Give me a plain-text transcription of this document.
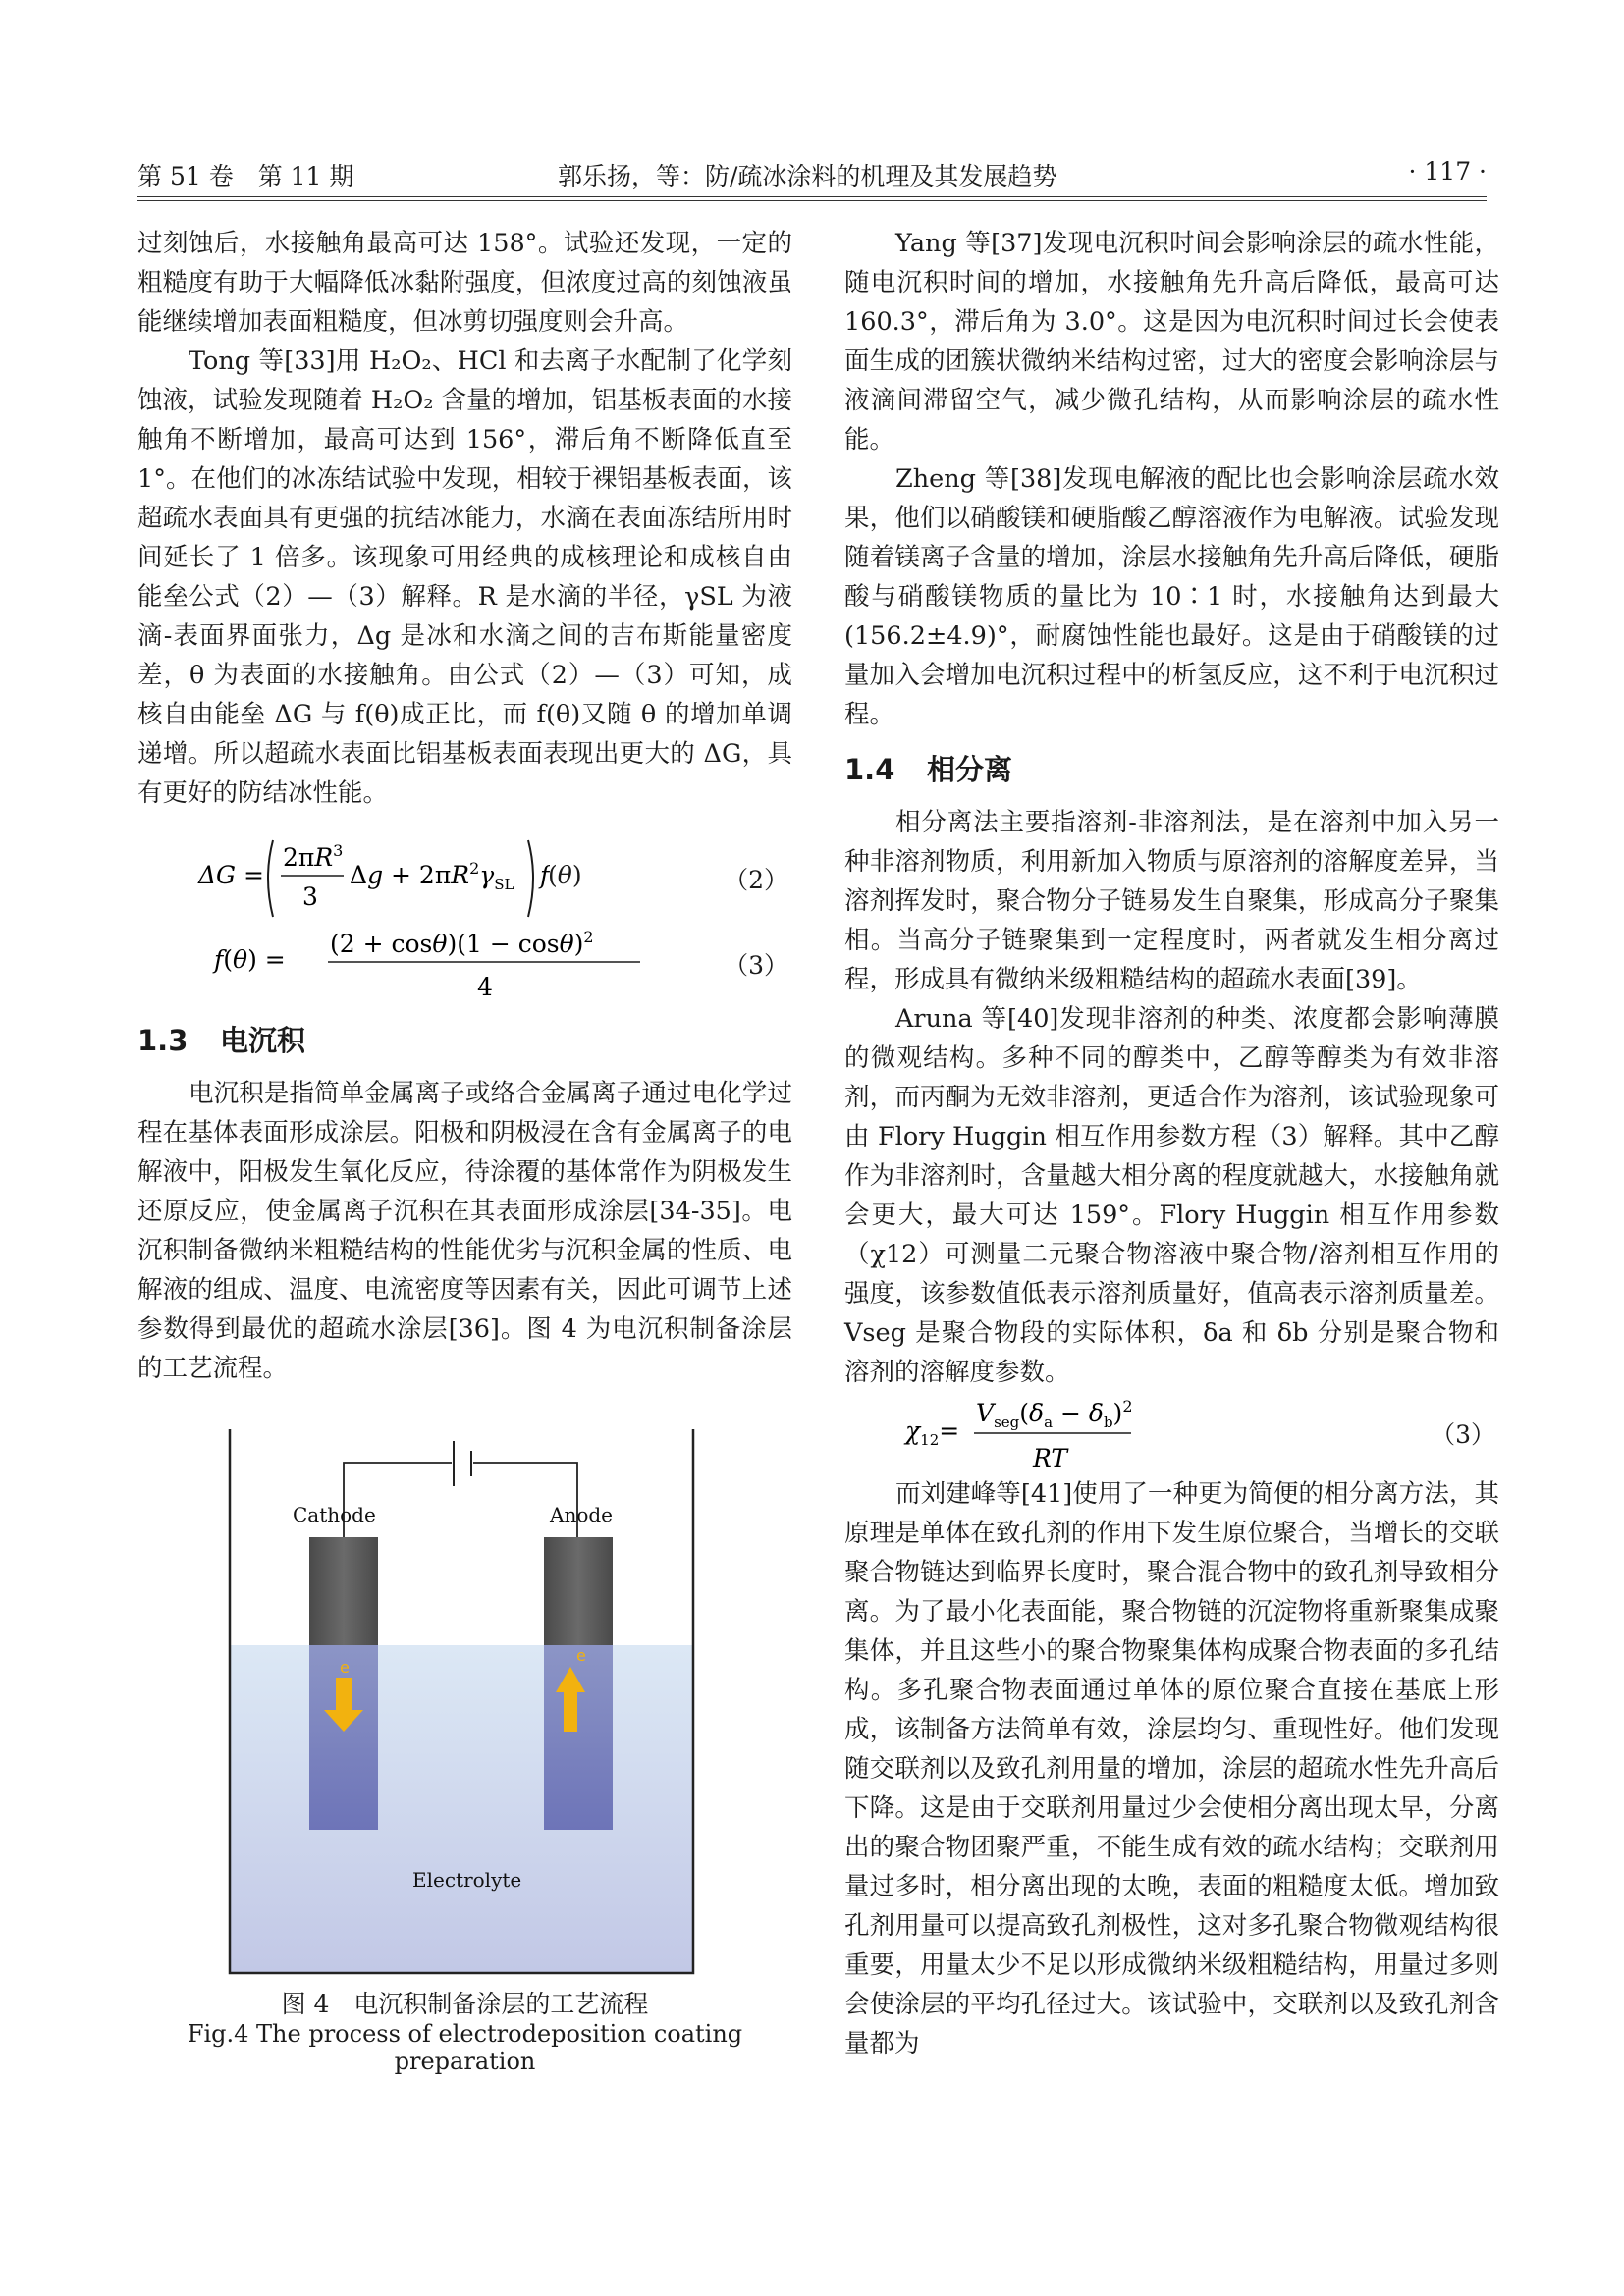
第 51 卷　第 11 期	郭乐扬，等：防/疏冰涂料的机理及其发展趋势	· 117 ·

过刻蚀后，水接触角最高可达 158°。试验还发现，一定的粗糙度有助于大幅降低冰黏附强度，但浓度过高的刻蚀液虽能继续增加表面粗糙度，但冰剪切强度则会升高。

Tong 等[33]用 H₂O₂、HCl 和去离子水配制了化学刻蚀液，试验发现随着 H₂O₂ 含量的增加，铝基板表面的水接触角不断增加，最高可达到 156°，滞后角不断降低直至 1°。在他们的冰冻结试验中发现，相较于裸铝基板表面，该超疏水表面具有更强的抗结冰能力，水滴在表面冻结所用时间延长了 1 倍多。该现象可用经典的成核理论和成核自由能垒公式（2）—（3）解释。R 是水滴的半径，γSL 为液滴-表面界面张力，Δg 是冰和水滴之间的吉布斯能量密度差，θ 为表面的水接触角。由公式（2）—（3）可知，成核自由能垒 ΔG 与 f(θ)成正比，而 f(θ)又随 θ 的增加单调递增。所以超疏水表面比铝基板表面表现出更大的 ΔG，具有更好的防结冰性能。

ΔG =
$2\pi R^3$
3
$\Delta g + 2\pi R^2\gamma_{SL}$ f
(θ)	（2）
f(θ) =
$(2 + \cos\theta)(1 - \cos\theta)^2$
4
（3）
1.3 电沉积

电沉积是指简单金属离子或络合金属离子通过电化学过程在基体表面形成涂层。阳极和阴极浸在含有金属离子的电解液中，阳极发生氧化反应，待涂覆的基体常作为阴极发生还原反应，使金属离子沉积在其表面形成涂层[34-35]。电沉积制备微纳米粗糙结构的性能优劣与沉积金属的性质、电解液的组成、温度、电流密度等因素有关，因此可调节上述参数得到最优的超疏水涂层[36]。图 4 为电沉积制备涂层的工艺流程。

Cathode	Anode
e
e
Electrolyte
图 4　电沉积制备涂层的工艺流程
Fig.4 The process of electrodeposition coating preparation

Yang 等[37]发现电沉积时间会影响涂层的疏水性能，随电沉积时间的增加，水接触角先升高后降低，最高可达 160.3°，滞后角为 3.0°。这是因为电沉积时间过长会使表面生成的团簇状微纳米结构过密，过大的密度会影响涂层与液滴间滞留空气，减少微孔结构，从而影响涂层的疏水性能。

Zheng 等[38]发现电解液的配比也会影响涂层疏水效果，他们以硝酸镁和硬脂酸乙醇溶液作为电解液。试验发现随着镁离子含量的增加，涂层水接触角先升高后降低，硬脂酸与硝酸镁物质的量比为 10∶1 时，水接触角达到最大(156.2±4.9)°，耐腐蚀性能也最好。这是由于硝酸镁的过量加入会增加电沉积过程中的析氢反应，这不利于电沉积过程。

1.4 相分离

相分离法主要指溶剂-非溶剂法，是在溶剂中加入另一种非溶剂物质，利用新加入物质与原溶剂的溶解度差异，当溶剂挥发时，聚合物分子链易发生自聚集，形成高分子聚集相。当高分子链聚集到一定程度时，两者就发生相分离过程，形成具有微纳米级粗糙结构的超疏水表面[39]。

Aruna 等[40]发现非溶剂的种类、浓度都会影响薄膜的微观结构。多种不同的醇类中，乙醇等醇类为有效非溶剂，而丙酮为无效非溶剂，更适合作为溶剂，该试验现象可由 Flory Huggin 相互作用参数方程（3）解释。其中乙醇作为非溶剂时，含量越大相分离的程度就越大，水接触角就会更大，最大可达 159°。Flory Huggin 相互作用参数（χ12）可测量二元聚合物溶液中聚合物/溶剂相互作用的强度，该参数值低表示溶剂质量好，值高表示溶剂质量差。Vseg 是聚合物段的实际体积，δa 和 δb 分别是聚合物和溶剂的溶解度参数。

$\chi_{12}=$
$V_{seg}(\delta_a - \delta_b)^2$
RT
（3）

而刘建峰等[41]使用了一种更为简便的相分离方法，其原理是单体在致孔剂的作用下发生原位聚合，当增长的交联聚合物链达到临界长度时，聚合混合物中的致孔剂导致相分离。为了最小化表面能，聚合物链的沉淀物将重新聚集成聚集体，并且这些小的聚合物聚集体构成聚合物表面的多孔结构。多孔聚合物表面通过单体的原位聚合直接在基底上形成，该制备方法简单有效，涂层均匀、重现性好。他们发现随交联剂以及致孔剂用量的增加，涂层的超疏水性先升高后下降。这是由于交联剂用量过少会使相分离出现太早，分离出的聚合物团聚严重，不能生成有效的疏水结构；交联剂用量过多时，相分离出现的太晚，表面的粗糙度太低。增加致孔剂用量可以提高致孔剂极性，这对多孔聚合物微观结构很重要，用量太少不足以形成微纳米级粗糙结构，用量过多则会使涂层的平均孔径过大。该试验中，交联剂以及致孔剂含量都为
